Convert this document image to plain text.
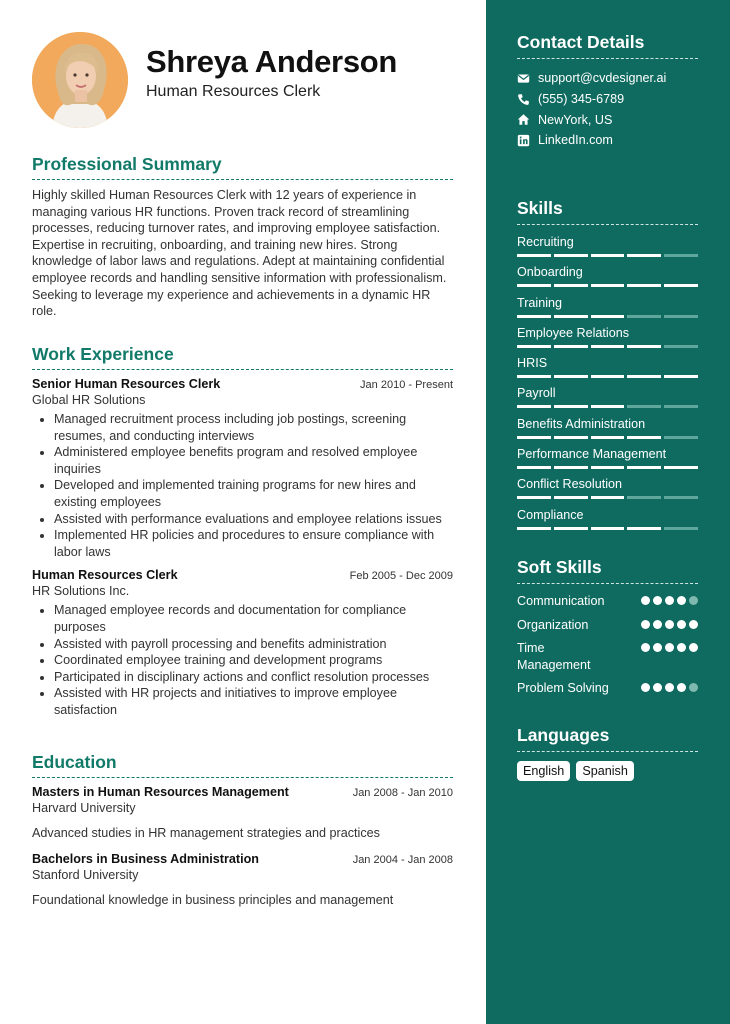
Shreya Anderson
Human Resources Clerk
Professional Summary

Highly skilled Human Resources Clerk with 12 years of experience in managing various HR functions. Proven track record of streamlining processes, reducing turnover rates, and improving employee satisfaction. Expertise in recruiting, onboarding, and training new hires. Strong knowledge of labor laws and regulations. Adept at maintaining confidential employee records and handling sensitive information with professionalism. Seeking to leverage my experience and achievements in a dynamic HR role.

Work Experience
Senior Human Resources Clerk	Jan 2010 - Present
Global HR Solutions
• Managed recruitment process including job postings, screening resumes, and conducting interviews
• Administered employee benefits program and resolved employee inquiries
• Developed and implemented training programs for new hires and existing employees
• Assisted with performance evaluations and employee relations issues
• Implemented HR policies and procedures to ensure compliance with labor laws
Human Resources Clerk	Feb 2005 - Dec 2009
HR Solutions Inc.
• Managed employee records and documentation for compliance purposes
• Assisted with payroll processing and benefits administration
• Coordinated employee training and development programs
• Participated in disciplinary actions and conflict resolution processes
• Assisted with HR projects and initiatives to improve employee satisfaction
Education
Masters in Human Resources Management	Jan 2008 - Jan 2010
Harvard University
Advanced studies in HR management strategies and practices
Bachelors in Business Administration	Jan 2004 - Jan 2008
Stanford University
Foundational knowledge in business principles and management
Contact Details
support@cvdesigner.ai
(555) 345-6789
NewYork, US
LinkedIn.com
Skills
Recruiting
Onboarding
Training
Employee Relations
HRIS
Payroll
Benefits Administration
Performance Management
Conflict Resolution
Compliance
Soft Skills
Communication
Organization
Time Management
Problem Solving
Languages
English	Spanish
